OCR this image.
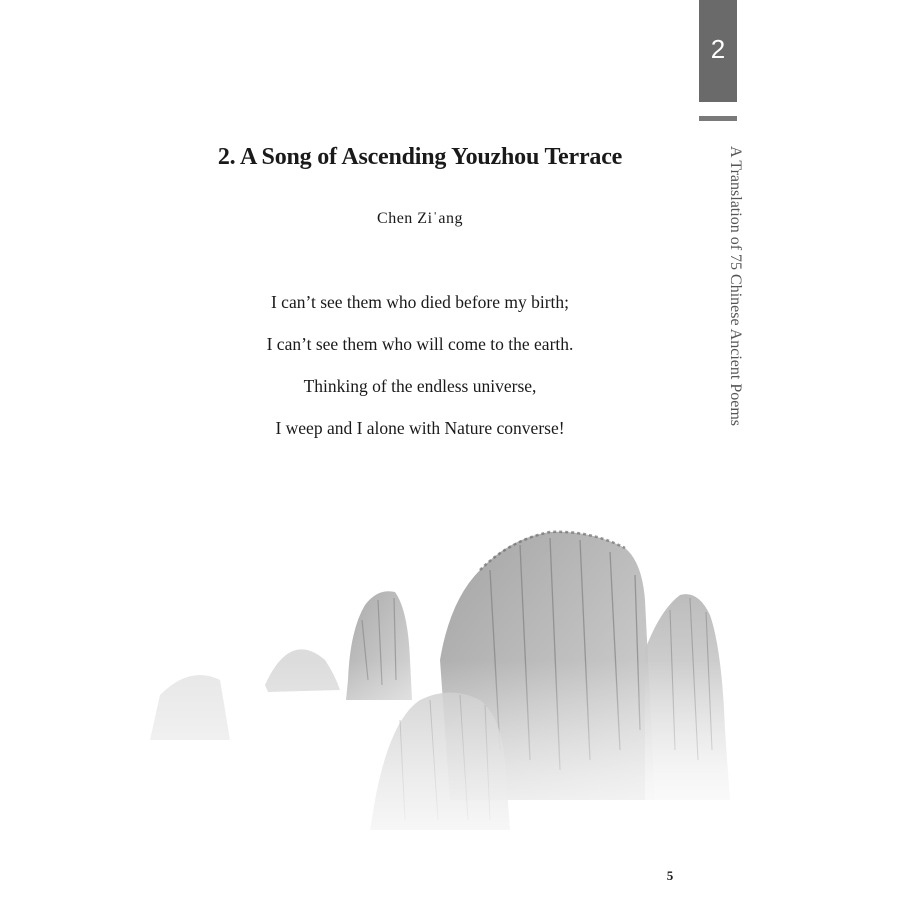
2
A Translation of 75 Chinese Ancient Poems
2. A Song of Ascending Youzhou Terrace
Chen Ziˈang
I can’t see them who died before my birth;
I can’t see them who will come to the earth.
Thinking of the endless universe,
I weep and I alone with Nature converse!
5
